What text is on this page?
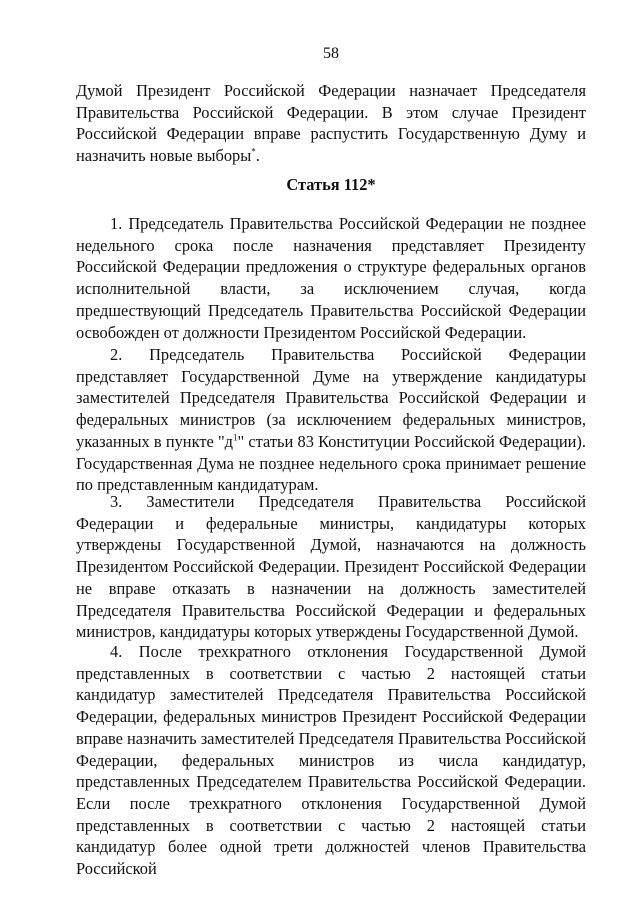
58

Думой Президент Российской Федерации назначает Председателя Правительства Российской Федерации. В этом случае Президент Российской Федерации вправе распустить Государственную Думу и назначить новые выборы*.

Статья 112*

1. Председатель Правительства Российской Федерации не позднее недельного срока после назначения представляет Президенту Российской Федерации предложения о структуре федеральных органов исполнительной власти, за исключением случая, когда предшествующий Председатель Правительства Российской Федерации освобожден от должности Президентом Российской Федерации.

2. Председатель Правительства Российской Федерации представляет Государственной Думе на утверждение кандидатуры заместителей Председателя Правительства Российской Федерации и федеральных министров (за исключением федеральных министров, указанных в пункте "$д^1$" статьи 83 Конституции Российской Федерации). Государственная Дума не позднее недельного срока принимает решение по представленным кандидатурам.

3. Заместители Председателя Правительства Российской Федерации и федеральные министры, кандидатуры которых утверждены Государственной Думой, назначаются на должность Президентом Российской Федерации. Президент Российской Федерации не вправе отказать в назначении на должность заместителей Председателя Правительства Российской Федерации и федеральных министров, кандидатуры которых утверждены Государственной Думой.

4. После трехкратного отклонения Государственной Думой представленных в соответствии с частью 2 настоящей статьи кандидатур заместителей Председателя Правительства Российской Федерации, федеральных министров Президент Российской Федерации вправе назначить заместителей Председателя Правительства Российской Федерации, федеральных министров из числа кандидатур, представленных Председателем Правительства Российской Федерации. Если после трехкратного отклонения Государственной Думой представленных в соответствии с частью 2 настоящей статьи кандидатур более одной трети должностей членов Правительства Российской
